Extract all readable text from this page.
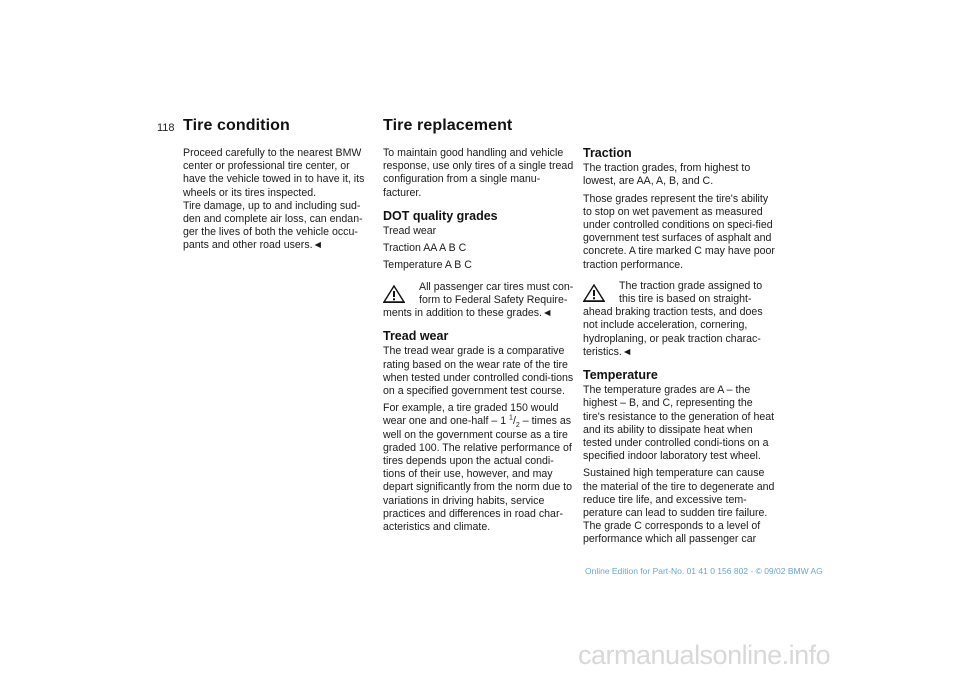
118 Tire condition	Tire replacement

Proceed carefully to the nearest BMW center or professional tire center, or have the vehicle towed in to have it, its wheels or its tires inspected.

Tire damage, up to and including sud-den and complete air loss, can endan-ger the lives of both the vehicle occu-pants and other road users.◄

To maintain good handling and vehicle response, use only tires of a single tread configuration from a single manu-facturer.

DOT quality grades

Tread wear

Traction AA A B C

Temperature A B C

All passenger car tires must con-
form to Federal Safety Require-
ments in addition to these grades.◄
Tread wear

The tread wear grade is a comparative rating based on the wear rate of the tire when tested under controlled condi-tions on a specified government test course.

For example, a tire graded 150 would wear one and one-half – 1 $^1/_2$ – times as well on the government course as a tire graded 100. The relative performance of tires depends upon the actual condi-tions of their use, however, and may depart significantly from the norm due to variations in driving habits, service practices and differences in road char-acteristics and climate.

Traction

The traction grades, from highest to lowest, are AA, A, B, and C.

Those grades represent the tire's ability to stop on wet pavement as measured under controlled conditions on speci-fied government test surfaces of asphalt and concrete. A tire marked C may have poor traction performance.

The traction grade assigned to
this tire is based on straight-
ahead braking traction tests, and does not include acceleration, cornering, hydroplaning, or peak traction charac-teristics.◄
Temperature

The temperature grades are A – the highest – B, and C, representing the tire's resistance to the generation of heat and its ability to dissipate heat when tested under controlled condi-tions on a specified indoor laboratory test wheel.

Sustained high temperature can cause the material of the tire to degenerate and reduce tire life, and excessive tem-perature can lead to sudden tire failure. The grade C corresponds to a level of performance which all passenger car

Online Edition for Part-No. 01 41 0 156 802 - © 09/02 BMW AG
carmanualsonline.info
